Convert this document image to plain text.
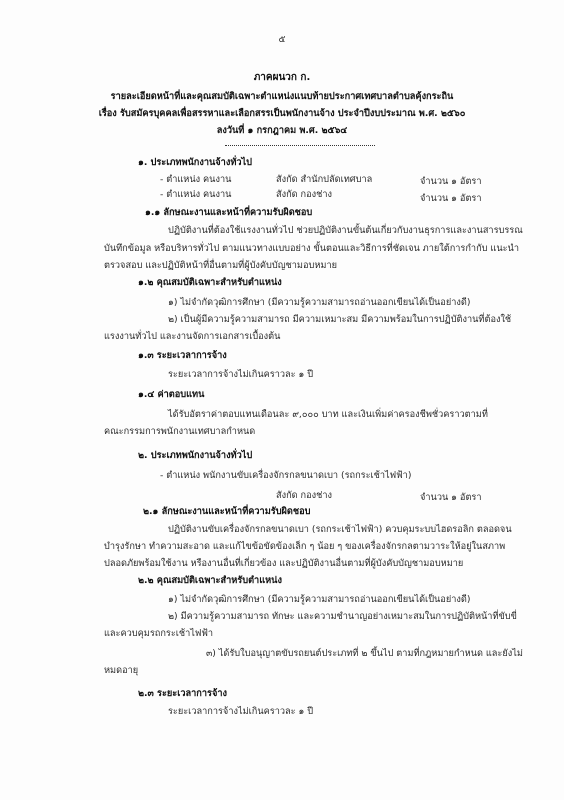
๕
ภาคผนวก ก.
รายละเอียดหน้าที่และคุณสมบัติเฉพาะตำแหน่งแนบท้ายประกาศเทศบาลตำบลคุ้งกระถิน
เรื่อง รับสมัครบุคคลเพื่อสรรหาและเลือกสรรเป็นพนักงานจ้าง ประจำปีงบประมาณ พ.ศ. ๒๕๖๐
ลงวันที่ ๑ กรกฎาคม พ.ศ. ๒๕๖๔
๑. ประเภทพนักงานจ้างทั่วไป
- ตำแหน่ง คนงาน	สังกัด สำนักปลัดเทศบาล	จำนวน ๑ อัตรา
- ตำแหน่ง คนงาน	สังกัด กองช่าง	จำนวน ๑ อัตรา
๑.๑ ลักษณะงานและหน้าที่ความรับผิดชอบ
ปฏิบัติงานที่ต้องใช้แรงงานทั่วไป ช่วยปฏิบัติงานขั้นต้นเกี่ยวกับงานธุรการและงานสารบรรณ
บันทึกข้อมูล หรือบริหารทั่วไป ตามแนวทางแบบอย่าง ขั้นตอนและวิธีการที่ชัดเจน ภายใต้การกำกับ แนะนำ
ตรวจสอบ และปฏิบัติหน้าที่อื่นตามที่ผู้บังคับบัญชามอบหมาย
๑.๒ คุณสมบัติเฉพาะสำหรับตำแหน่ง
๑) ไม่จำกัดวุฒิการศึกษา (มีความรู้ความสามารถอ่านออกเขียนได้เป็นอย่างดี)
๒) เป็นผู้มีความรู้ความสามารถ มีความเหมาะสม มีความพร้อมในการปฏิบัติงานที่ต้องใช้
แรงงานทั่วไป และงานจัดการเอกสารเบื้องต้น
๑.๓ ระยะเวลาการจ้าง
ระยะเวลาการจ้างไม่เกินคราวละ ๑ ปี
๑.๔ ค่าตอบแทน
ได้รับอัตราค่าตอบแทนเดือนละ ๙,๐๐๐ บาท และเงินเพิ่มค่าครองชีพชั่วคราวตามที่
คณะกรรมการพนักงานเทศบาลกำหนด
๒. ประเภทพนักงานจ้างทั่วไป
- ตำแหน่ง พนักงานขับเครื่องจักรกลขนาดเบา (รถกระเช้าไฟฟ้า)
สังกัด กองช่าง	จำนวน ๑ อัตรา
๒.๑ ลักษณะงานและหน้าที่ความรับผิดชอบ
ปฏิบัติงานขับเครื่องจักรกลขนาดเบา (รถกระเช้าไฟฟ้า) ควบคุมระบบไฮดรอลิก ตลอดจน
บำรุงรักษา ทำความสะอาด และแก้ไขข้อขัดข้องเล็ก ๆ น้อย ๆ ของเครื่องจักรกลตามวาระให้อยู่ในสภาพ
ปลอดภัยพร้อมใช้งาน หรืองานอื่นที่เกี่ยวข้อง และปฏิบัติงานอื่นตามที่ผู้บังคับบัญชามอบหมาย
๒.๒ คุณสมบัติเฉพาะสำหรับตำแหน่ง
๑) ไม่จำกัดวุฒิการศึกษา (มีความรู้ความสามารถอ่านออกเขียนได้เป็นอย่างดี)
๒) มีความรู้ความสามารถ ทักษะ และความชำนาญอย่างเหมาะสมในการปฏิบัติหน้าที่ขับขี่
และควบคุมรถกระเช้าไฟฟ้า
๓) ได้รับใบอนุญาตขับรถยนต์ประเภทที่ ๒ ขึ้นไป ตามที่กฎหมายกำหนด และยังไม่
หมดอายุ
๒.๓ ระยะเวลาการจ้าง
ระยะเวลาการจ้างไม่เกินคราวละ ๑ ปี
